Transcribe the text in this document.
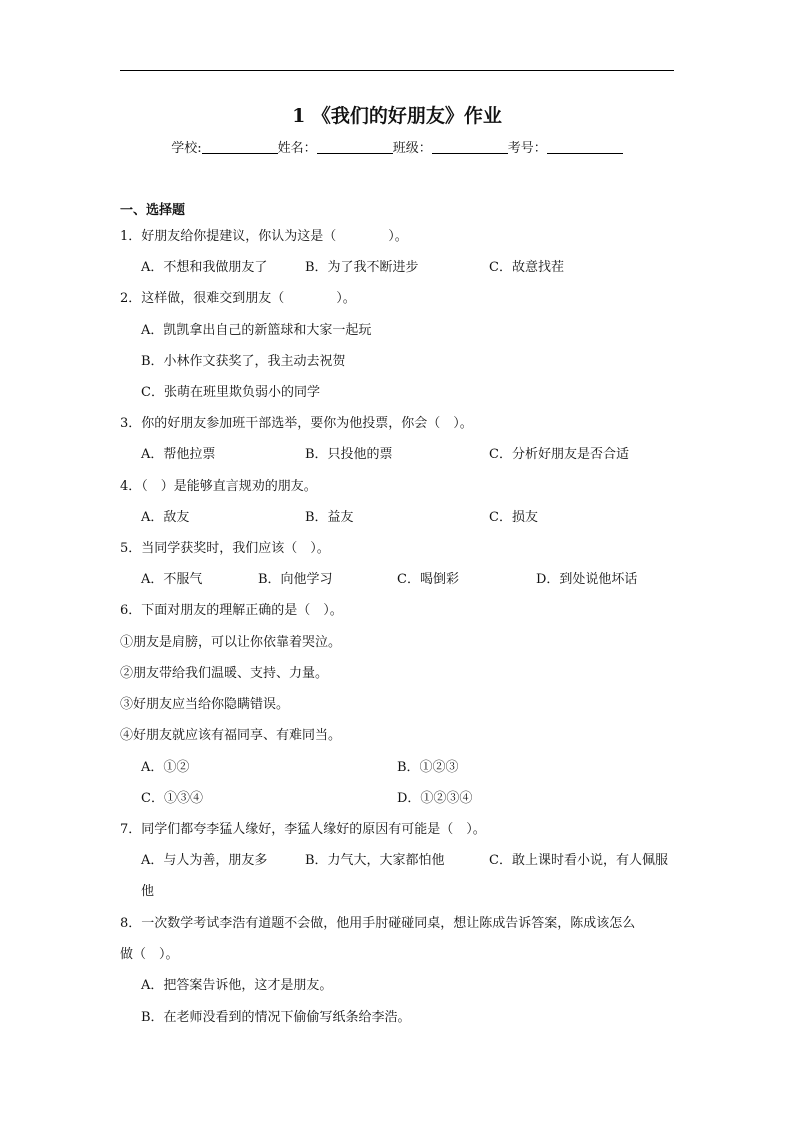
1 《我们的好朋友》作业
学校:	姓名：	班级：	考号：
一、选择题
1．好朋友给你提建议，你认为这是（　　　　）。
A．不想和我做朋友了	B．为了我不断进步	C．故意找茬
2．这样做，很难交到朋友（　　　　）。
A．凯凯拿出自己的新篮球和大家一起玩
B．小林作文获奖了，我主动去祝贺
C．张萌在班里欺负弱小的同学
3．你的好朋友参加班干部选举，要你为他投票，你会（　）。
A．帮他拉票	B．只投他的票	C．分析好朋友是否合适
4．（　）是能够直言规劝的朋友。
A．敌友	B．益友	C．损友
5．当同学获奖时，我们应该（　）。
A．不服气	B．向他学习	C．喝倒彩	D．到处说他坏话
6．下面对朋友的理解正确的是（　）。
①朋友是肩膀，可以让你依靠着哭泣。
②朋友带给我们温暖、支持、力量。
③好朋友应当给你隐瞒错误。
④好朋友就应该有福同享、有难同当。
A．①②	B．①②③
C．①③④	D．①②③④
7．同学们都夸李猛人缘好，李猛人缘好的原因有可能是（　）。
A．与人为善，朋友多	B．力气大，大家都怕他	C．敢上课时看小说，有人佩服
他
8．一次数学考试李浩有道题不会做，他用手肘碰碰同桌，想让陈成告诉答案，陈成该怎么
做（　）。
A．把答案告诉他，这才是朋友。
B．在老师没看到的情况下偷偷写纸条给李浩。
